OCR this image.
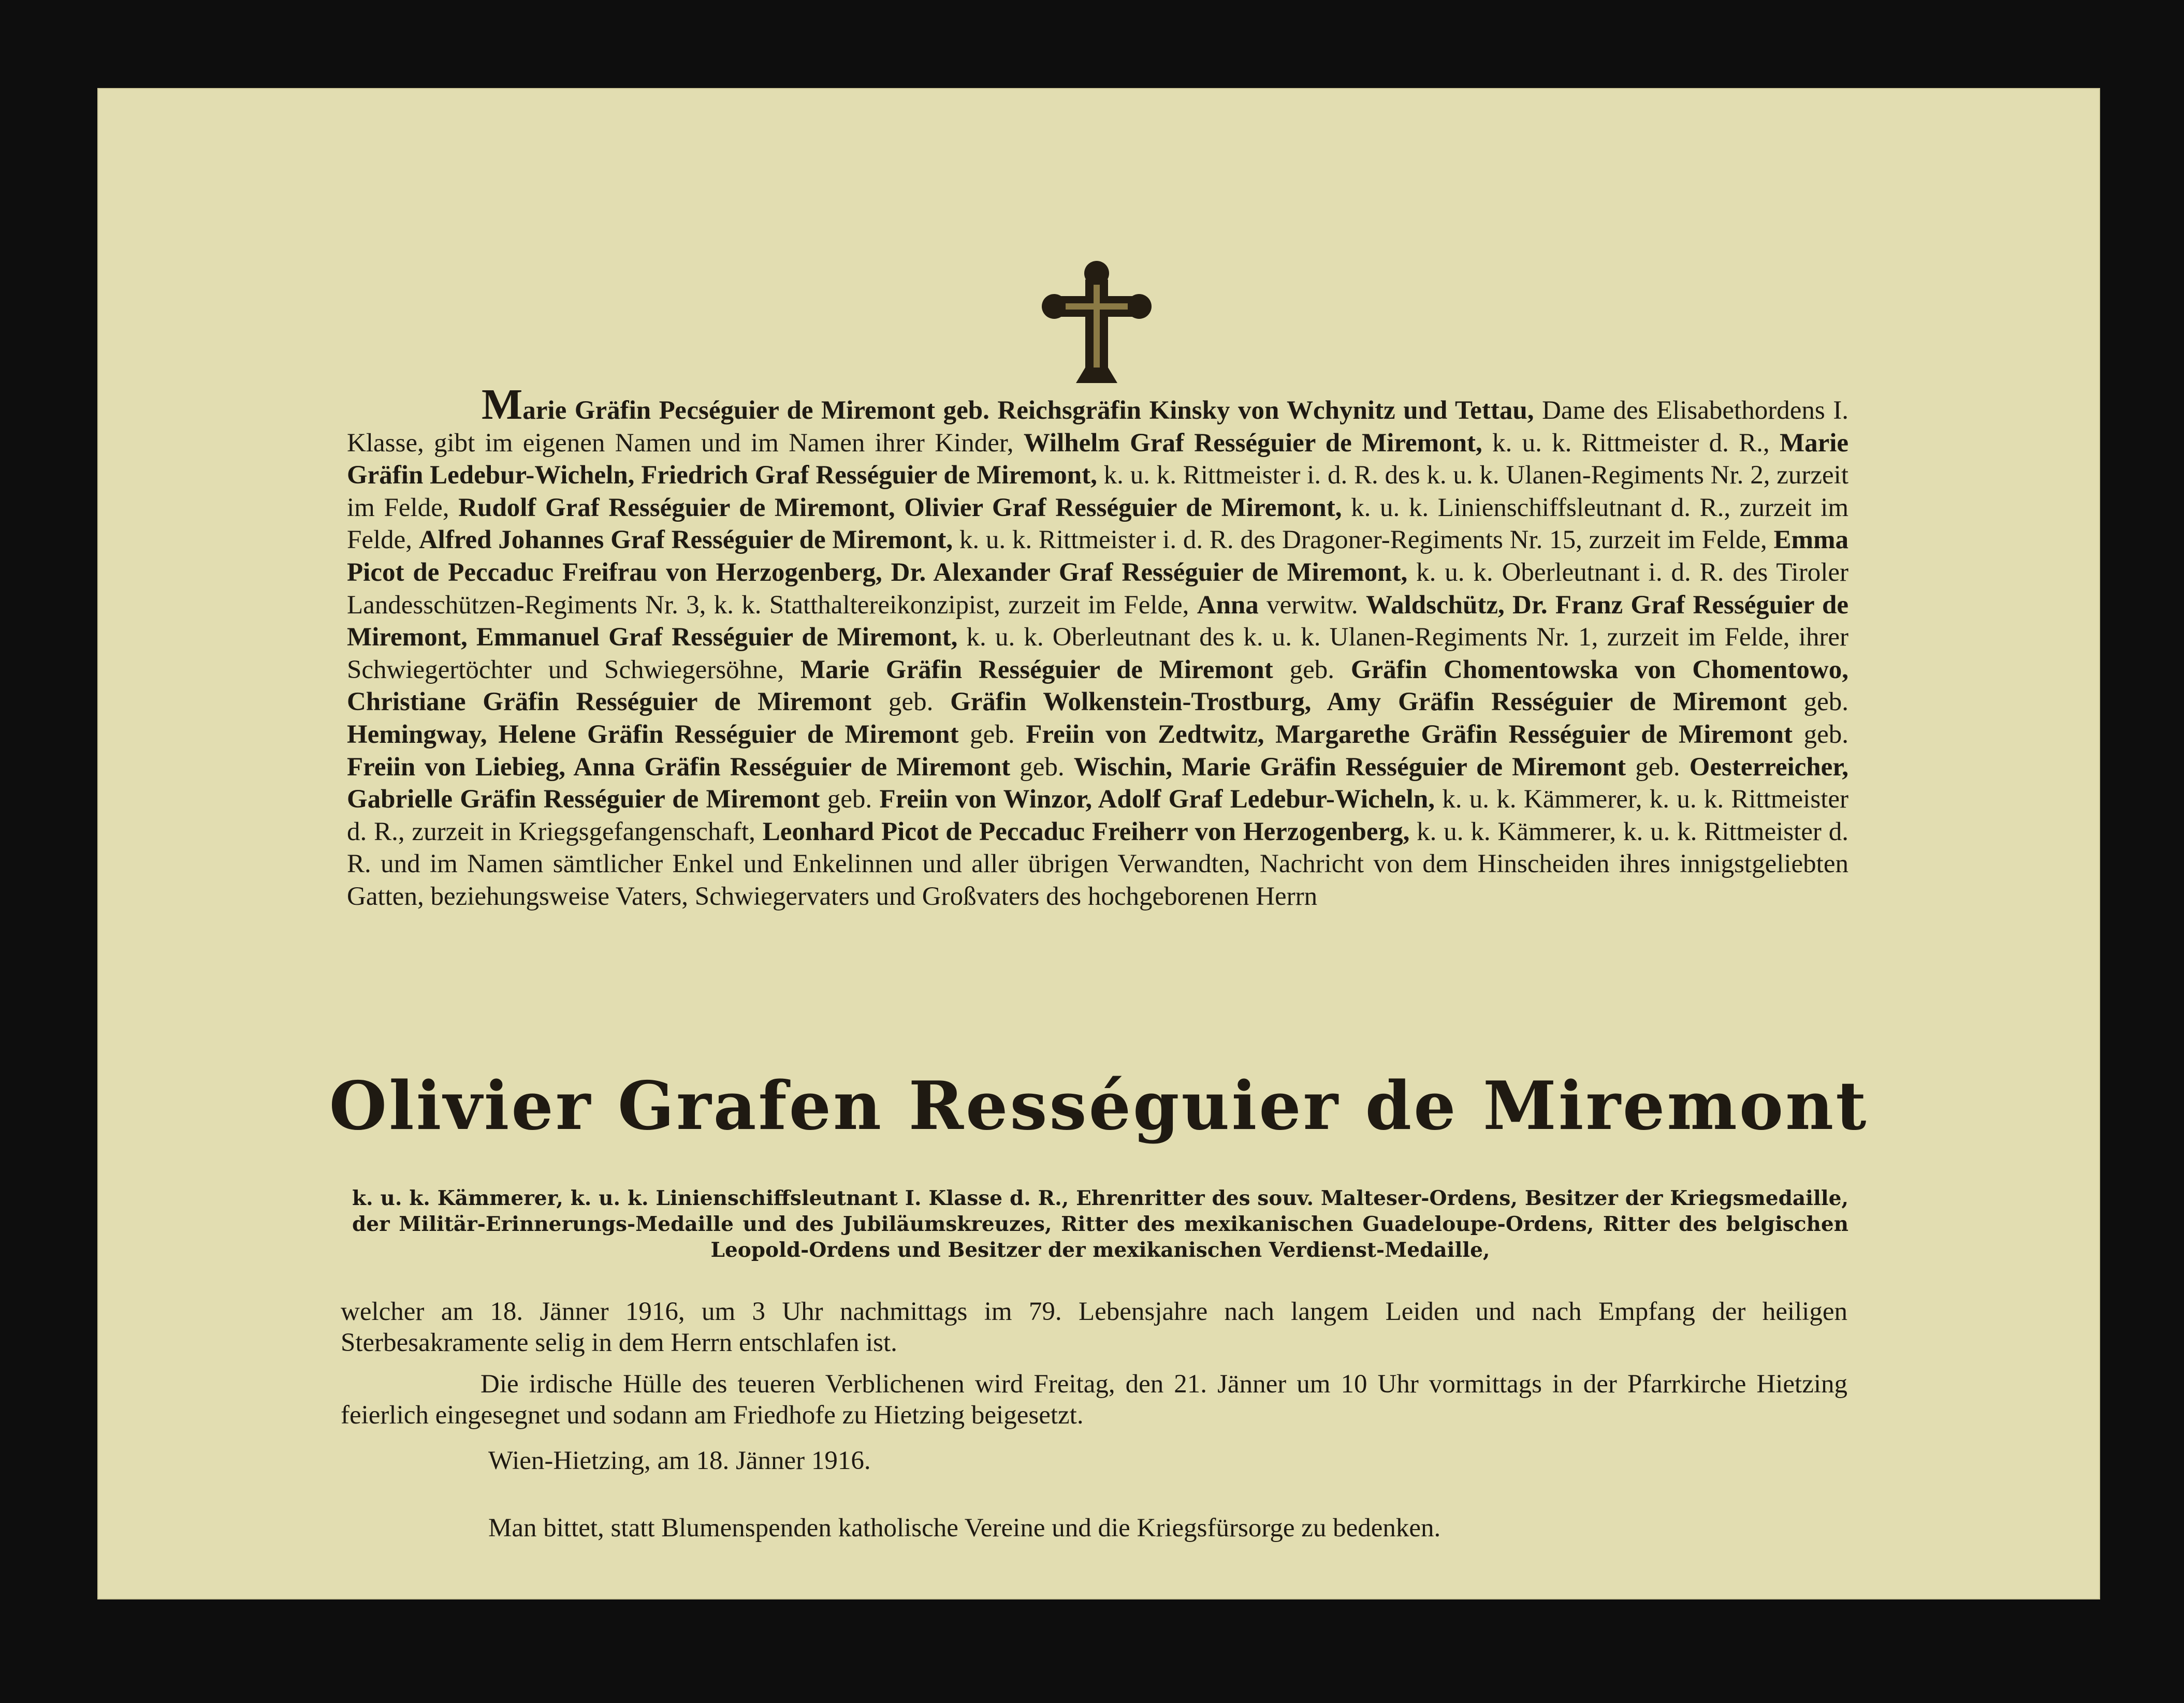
Marie Gräfin Ресséguier de Miremont geb. Reichsgräfin Kinsky von Wchynitz und Tettau, Dame des Elisabethordens I. Klasse, gibt im eigenen Namen und im Namen ihrer Kinder, Wilhelm Graf Rességuier de Miremont, k. u. k. Rittmeister d. R., Marie Gräfin Ledebur-Wicheln, Friedrich Graf Rességuier de Miremont, k. u. k. Rittmeister i. d. R. des k. u. k. Ulanen-Regiments Nr. 2, zurzeit im Felde, Rudolf Graf Rességuier de Miremont, Olivier Graf Rességuier de Miremont, k. u. k. Linienschiffsleutnant d. R., zurzeit im Felde, Alfred Johannes Graf Rességuier de Miremont, k. u. k. Rittmeister i. d. R. des Dragoner-Regiments Nr. 15, zurzeit im Felde, Emma Picot de Peccaduc Freifrau von Herzogenberg, Dr. Alexander Graf Rességuier de Miremont, k. u. k. Oberleutnant i. d. R. des Tiroler Landesschützen-Regiments Nr. 3, k. k. Statthaltereikonzipist, zurzeit im Felde, Anna verwitw. Waldschütz, Dr. Franz Graf Rességuier de Miremont, Emmanuel Graf Rességuier de Miremont, k. u. k. Oberleutnant des k. u. k. Ulanen-Regiments Nr. 1, zurzeit im Felde, ihrer Schwiegertöchter und Schwiegersöhne, Marie Gräfin Rességuier de Miremont geb. Gräfin Chomentowska von Chomentowo, Christiane Gräfin Rességuier de Miremont geb. Gräfin Wolkenstein-Trostburg, Amy Gräfin Rességuier de Miremont geb. Hemingway, Helene Gräfin Rességuier de Miremont geb. Freiin von Zedtwitz, Margarethe Gräfin Rességuier de Miremont geb. Freiin von Liebieg, Anna Gräfin Rességuier de Miremont geb. Wischin, Marie Gräfin Rességuier de Miremont geb. Oesterreicher, Gabrielle Gräfin Rességuier de Miremont geb. Freiin von Winzor, Adolf Graf Ledebur-Wicheln, k. u. k. Kämmerer, k. u. k. Rittmeister d. R., zurzeit in Kriegsgefangenschaft, Leonhard Picot de Peccaduc Freiherr von Herzogenberg, k. u. k. Kämmerer, k. u. k. Rittmeister d. R. und im Namen sämtlicher Enkel und Enkelinnen und aller übrigen Verwandten, Nachricht von dem Hinscheiden ihres innigstgeliebten Gatten, beziehungsweise Vaters, Schwiegervaters und Großvaters des hochgeborenen Herrn
Olivier Grafen Rességuier de Miremont
k. u. k. Kämmerer, k. u. k. Linienschiffsleutnant I. Klasse d. R., Ehrenritter des souv. Malteser-Ordens, Besitzer der Kriegsmedaille, der Militär-Erinnerungs-Medaille und des Jubiläumskreuzes, Ritter des mexikanischen Guadeloupe-Ordens, Ritter des belgischen Leopold-Ordens und Besitzer der mexikanischen Verdienst-Medaille,
welcher am 18. Jänner 1916, um 3 Uhr nachmittags im 79. Lebensjahre nach langem Leiden und nach Empfang der heiligen Sterbesakramente selig in dem Herrn entschlafen ist.
Die irdische Hülle des teueren Verblichenen wird Freitag, den 21. Jänner um 10 Uhr vormittags in der Pfarrkirche Hietzing feierlich eingesegnet und sodann am Friedhofe zu Hietzing beigesetzt.
Wien-Hietzing, am 18. Jänner 1916.
Man bittet, statt Blumenspenden katholische Vereine und die Kriegsfürsorge zu bedenken.
